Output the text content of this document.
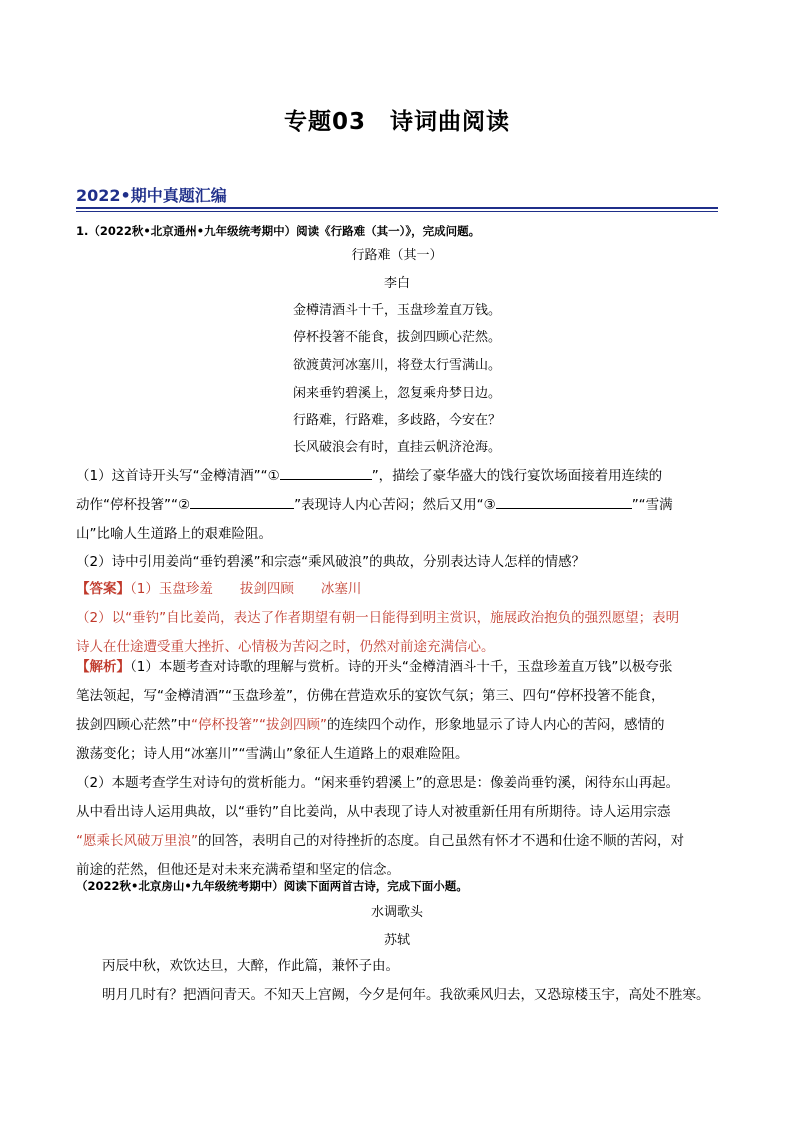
专题03　诗词曲阅读
2022•期中真题汇编
1.（2022秋•北京通州•九年级统考期中）阅读《行路难（其一）》，完成问题。
行路难（其一）
李白
金樽清酒斗十千，玉盘珍羞直万钱。
停杯投箸不能食，拔剑四顾心茫然。
欲渡黄河冰塞川，将登太行雪满山。
闲来垂钓碧溪上，忽复乘舟梦日边。
行路难，行路难，多歧路，今安在？
长风破浪会有时，直挂云帆济沧海。
（1）这首诗开头写“金樽清酒”“①	”，描绘了豪华盛大的饯行宴饮场面接着用连续的
动作“停杯投箸”“②	”表现诗人内心苦闷；然后又用“③	”“雪满
山”比喻人生道路上的艰难险阻。
（2）诗中引用姜尚“垂钓碧溪”和宗悫“乘风破浪”的典故，分别表达诗人怎样的情感？
【答案】（1）玉盘珍羞　　拔剑四顾　　冰塞川
（2）以“垂钓”自比姜尚，表达了作者期望有朝一日能得到明主赏识，施展政治抱负的强烈愿望；表明
诗人在仕途遭受重大挫折、心情极为苦闷之时，仍然对前途充满信心。
【解析】（1）本题考查对诗歌的理解与赏析。诗的开头“金樽清酒斗十千，玉盘珍羞直万钱”以极夸张
笔法领起，写“金樽清酒”“玉盘珍羞”，仿佛在营造欢乐的宴饮气氛；第三、四句“停杯投箸不能食，
拔剑四顾心茫然”中“停杯投箸”“拔剑四顾”的连续四个动作，形象地显示了诗人内心的苦闷，感情的
激荡变化；诗人用“冰塞川”“雪满山”象征人生道路上的艰难险阻。
（2）本题考查学生对诗句的赏析能力。“闲来垂钓碧溪上”的意思是：像姜尚垂钓溪，闲待东山再起。
从中看出诗人运用典故，以“垂钓”自比姜尚，从中表现了诗人对被重新任用有所期待。诗人运用宗悫
“愿乘长风破万里浪”的回答，表明自己的对待挫折的态度。自己虽然有怀才不遇和仕途不顺的苦闷，对
前途的茫然，但他还是对未来充满希望和坚定的信念。
（2022秋•北京房山•九年级统考期中）阅读下面两首古诗，完成下面小题。
水调歌头
苏轼
丙辰中秋，欢饮达旦，大醉，作此篇，兼怀子由。
明月几时有？把酒问青天。不知天上宫阙，今夕是何年。我欲乘风归去，又恐琼楼玉宇，高处不胜寒。
